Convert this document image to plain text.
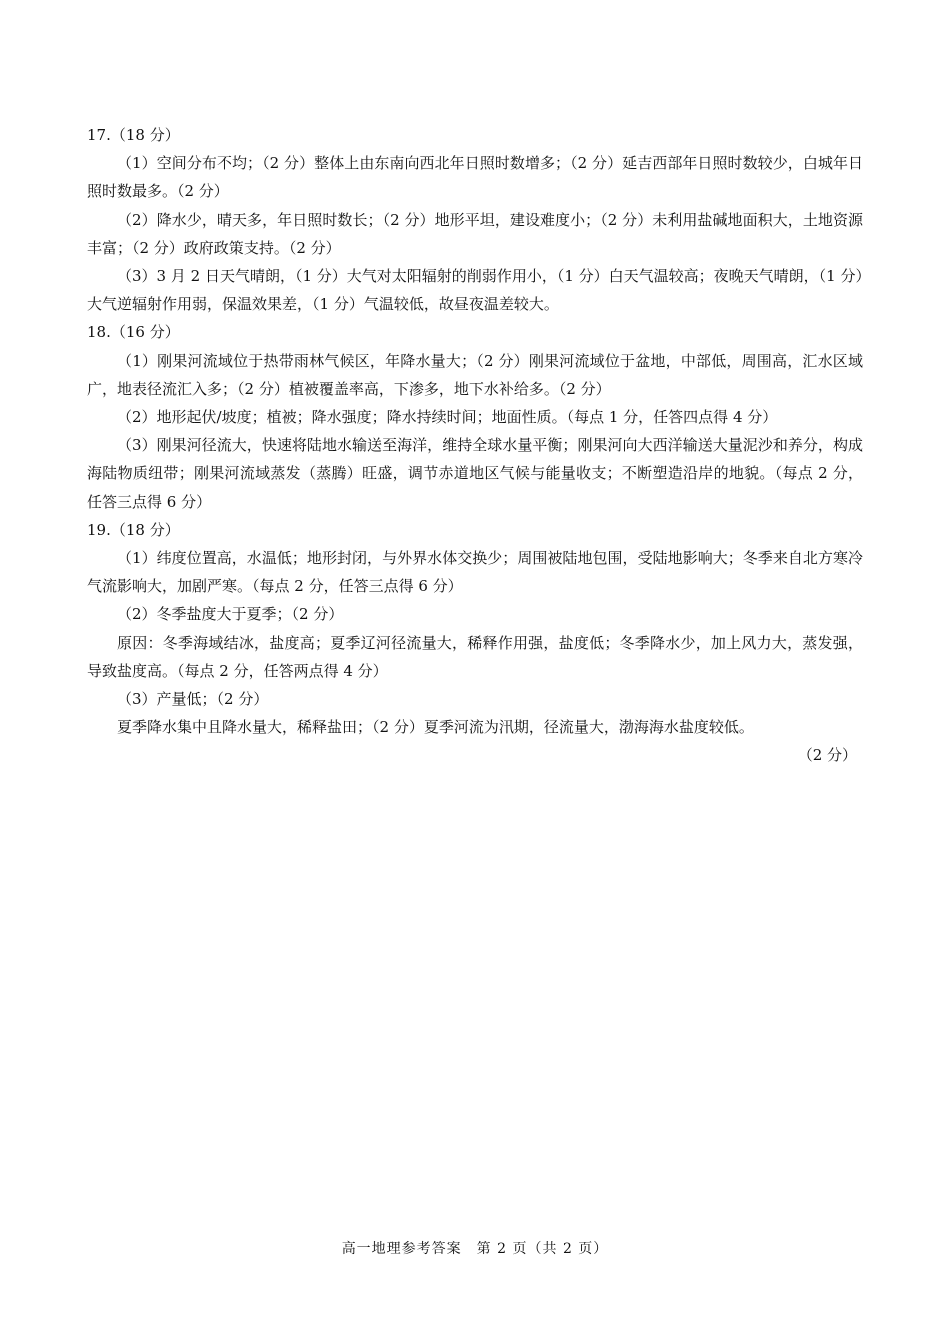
17.（18 分）

（1）空间分布不均；（2 分）整体上由东南向西北年日照时数增多；（2 分）延吉西部年日照时数较少，白城年日照时数最多。（2 分）

（2）降水少，晴天多，年日照时数长；（2 分）地形平坦，建设难度小；（2 分）未利用盐碱地面积大，土地资源丰富；（2 分）政府政策支持。（2 分）

（3）3 月 2 日天气晴朗，（1 分）大气对太阳辐射的削弱作用小，（1 分）白天气温较高；夜晚天气晴朗，（1 分）大气逆辐射作用弱，保温效果差，（1 分）气温较低，故昼夜温差较大。

18.（16 分）

（1）刚果河流域位于热带雨林气候区，年降水量大；（2 分）刚果河流域位于盆地，中部低，周围高，汇水区域广，地表径流汇入多；（2 分）植被覆盖率高，下渗多，地下水补给多。（2 分）

（2）地形起伏/坡度；植被；降水强度；降水持续时间；地面性质。（每点 1 分，任答四点得 4 分）

（3）刚果河径流大，快速将陆地水输送至海洋，维持全球水量平衡；刚果河向大西洋输送大量泥沙和养分，构成海陆物质纽带；刚果河流域蒸发（蒸腾）旺盛，调节赤道地区气候与能量收支；不断塑造沿岸的地貌。（每点 2 分，任答三点得 6 分）

19.（18 分）

（1）纬度位置高，水温低；地形封闭，与外界水体交换少；周围被陆地包围，受陆地影响大；冬季来自北方寒冷气流影响大，加剧严寒。（每点 2 分，任答三点得 6 分）

（2）冬季盐度大于夏季；（2 分）

原因：冬季海域结冰，盐度高；夏季辽河径流量大，稀释作用强，盐度低；冬季降水少，加上风力大，蒸发强，导致盐度高。（每点 2 分，任答两点得 4 分）

（3）产量低；（2 分）

夏季降水集中且降水量大，稀释盐田；（2 分）夏季河流为汛期，径流量大，渤海海水盐度较低。

（2 分）

高一地理参考答案　第 2 页（共 2 页）
